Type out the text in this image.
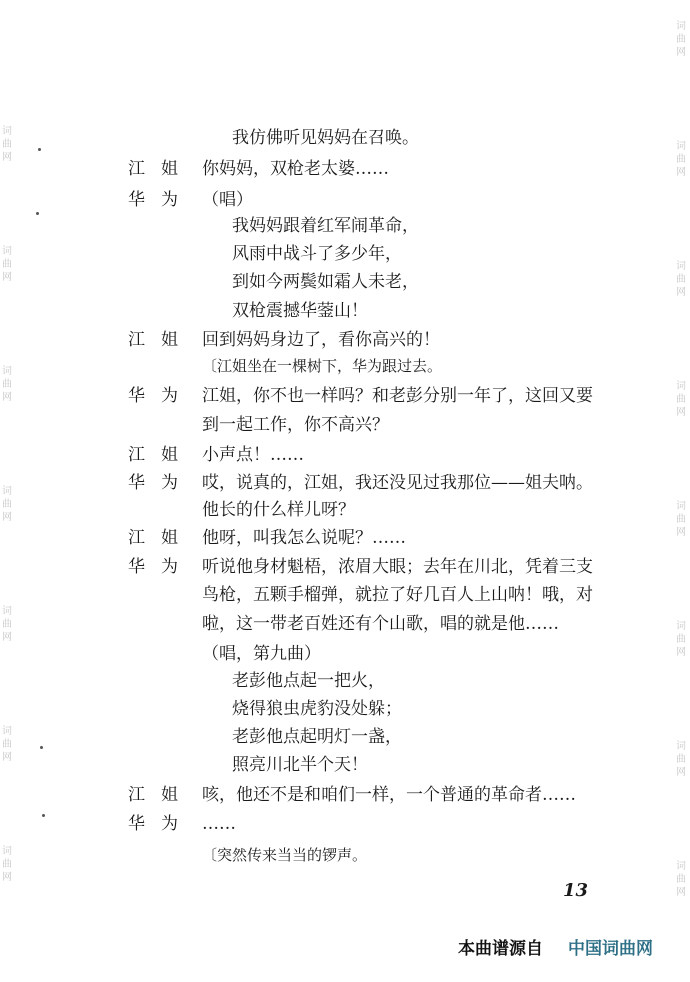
词曲网
词曲网
词曲网
词曲网
词曲网
词曲网
词曲网
词曲网
词曲网
词曲网
词曲网
词曲网
词曲网
词曲网
词曲网
我仿佛听见妈妈在召唤。
江姐 你妈妈，双枪老太婆……
华为 （唱）
我妈妈跟着红军闹革命，
风雨中战斗了多少年，
到如今两鬓如霜人未老，
双枪震撼华蓥山！
江姐 回到妈妈身边了，看你高兴的！
〔江姐坐在一棵树下，华为跟过去。
华为 江姐，你不也一样吗？和老彭分别一年了，这回又要
到一起工作，你不高兴？
江姐 小声点！……
华为 哎，说真的，江姐，我还没见过我那位——姐夫呐。
他长的什么样儿呀？
江姐 他呀，叫我怎么说呢？……
华为 听说他身材魁梧，浓眉大眼；去年在川北，凭着三支
鸟枪，五颗手榴弹，就拉了好几百人上山呐！哦，对
啦，这一带老百姓还有个山歌，唱的就是他……
（唱，第九曲）
老彭他点起一把火，
烧得狼虫虎豹没处躲；
老彭他点起明灯一盏，
照亮川北半个天！
江姐 咳，他还不是和咱们一样，一个普通的革命者……
华为 ……
〔突然传来当当的锣声。
13
本曲谱源自 中国词曲网
